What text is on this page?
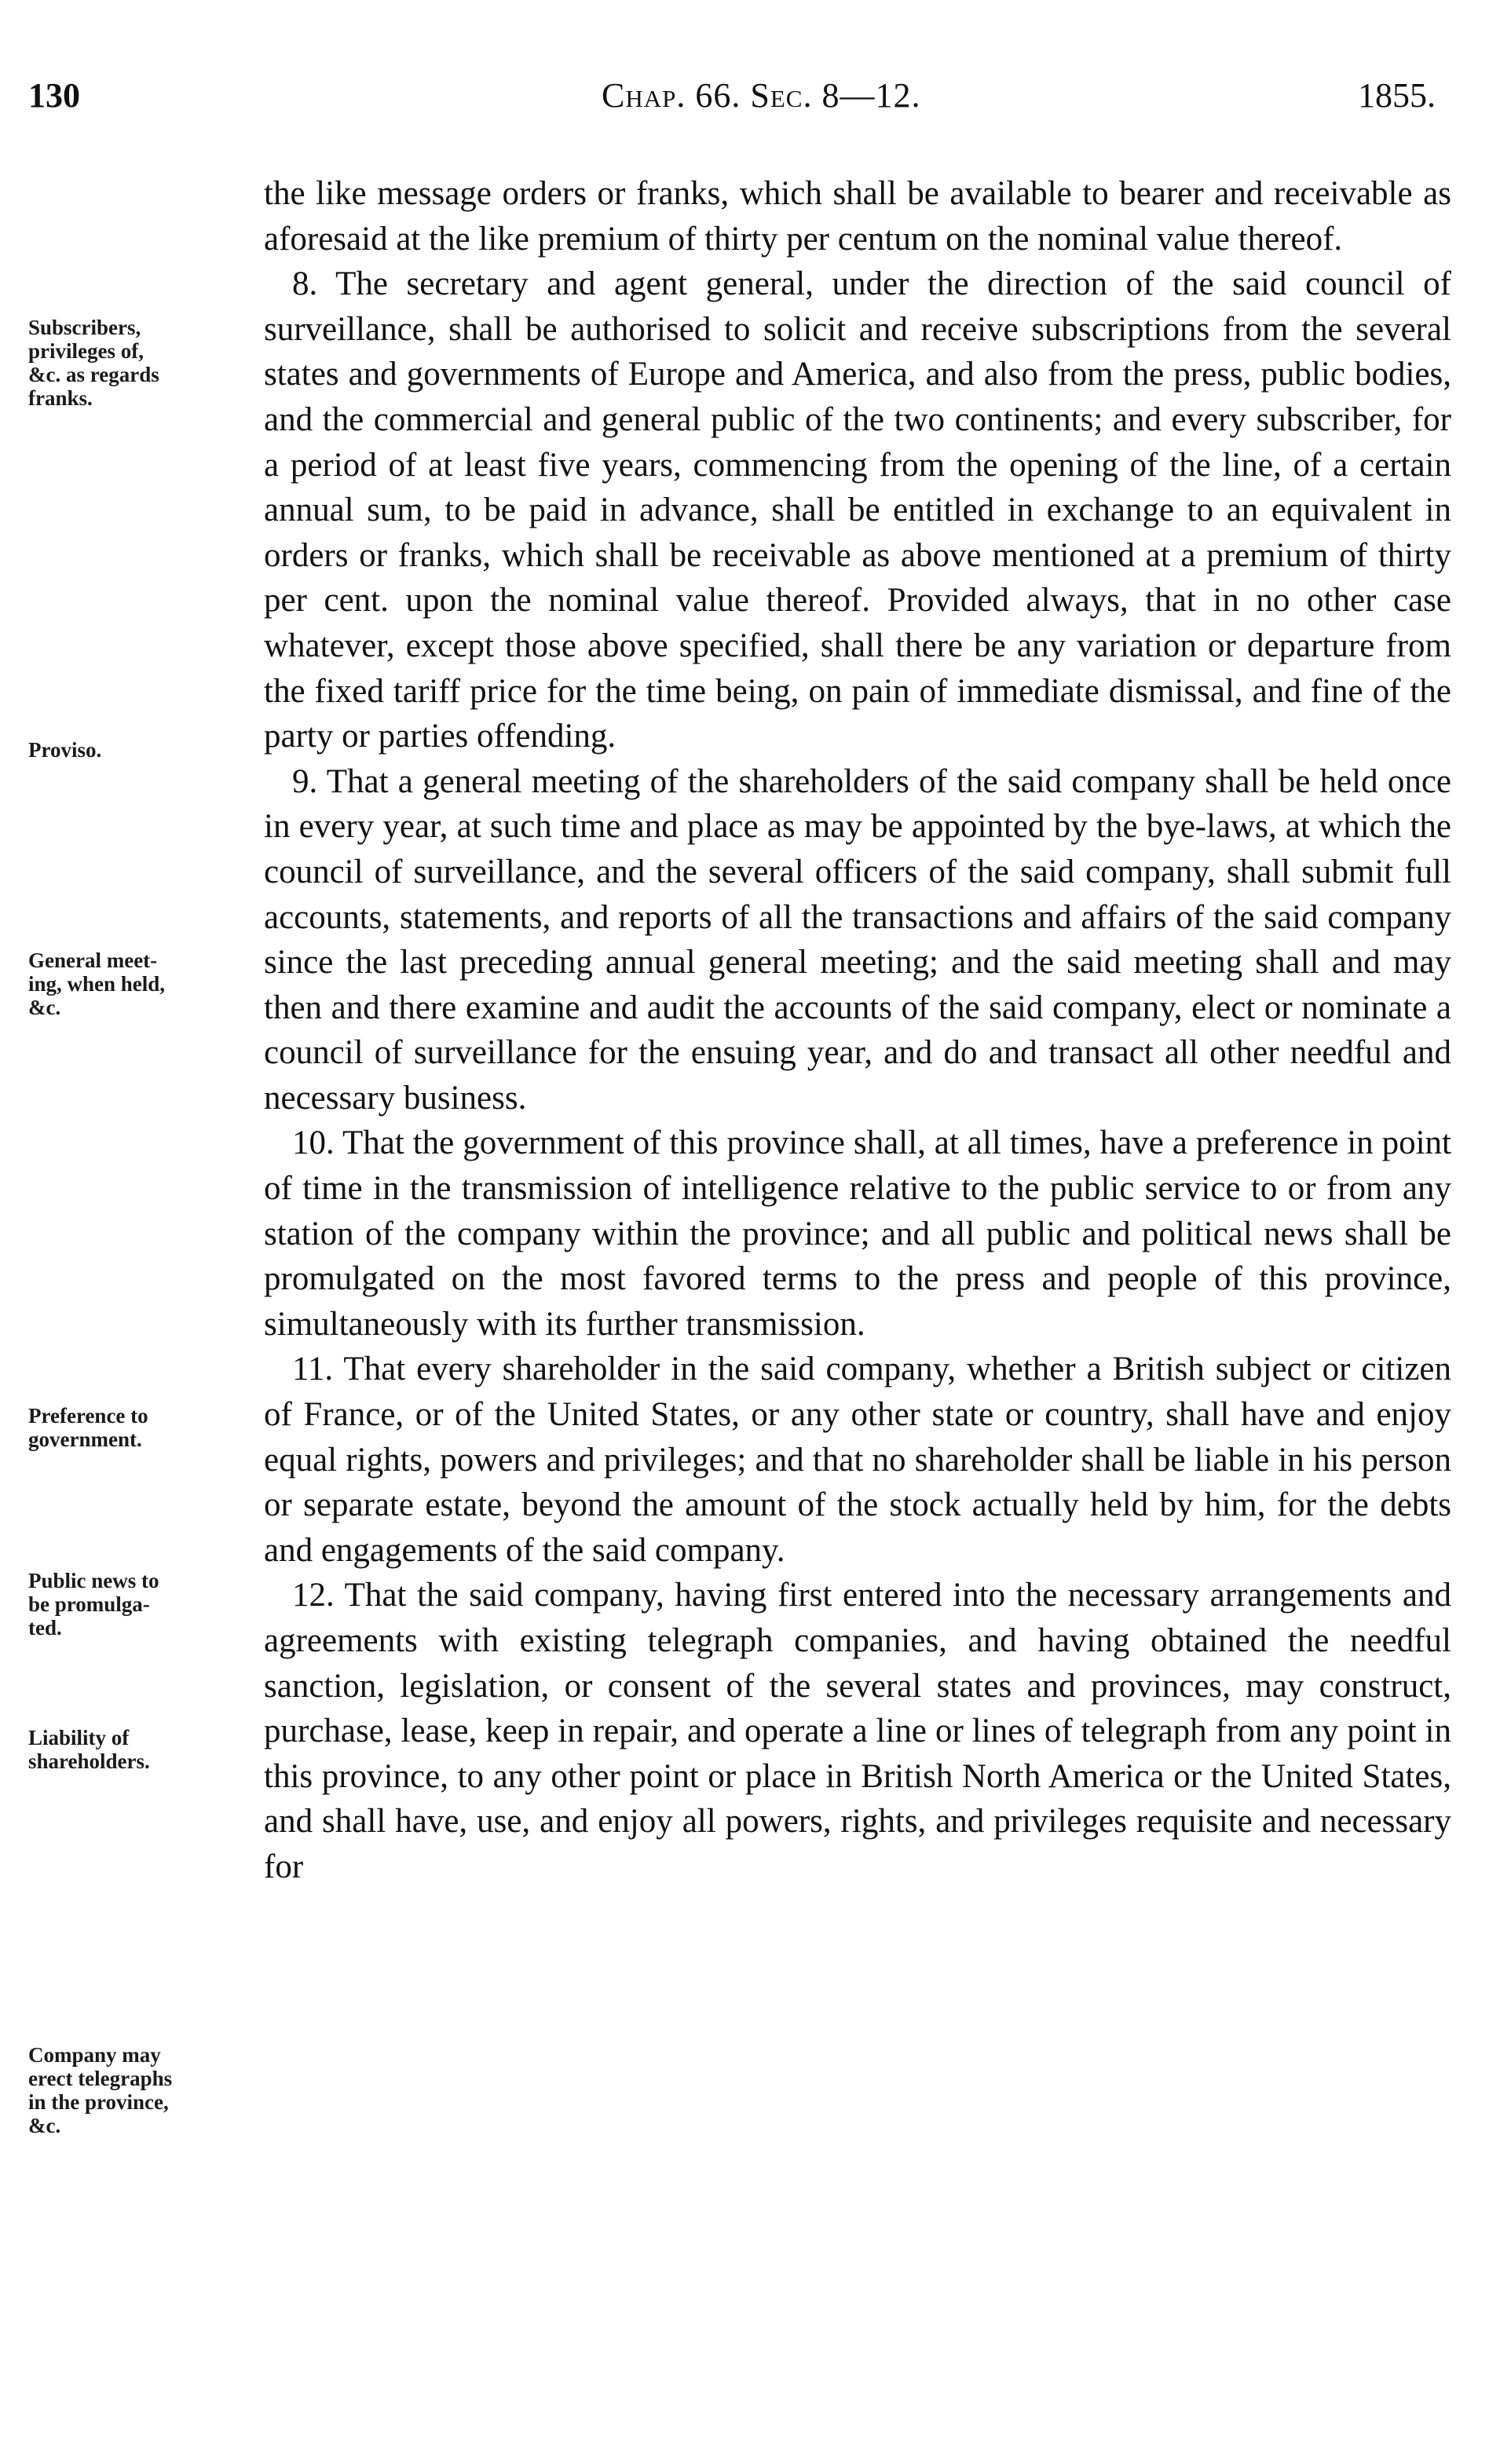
130	Chap. 66. Sec. 8—12.	1855.

the like message orders or franks, which shall be available to bearer and receivable as aforesaid at the like premium of thirty per centum on the nominal value thereof.

8. The secretary and agent general, under the direction of the said council of surveillance, shall be authorised to solicit and receive subscriptions from the several states and governments of Europe and America, and also from the press, public bodies, and the commercial and general public of the two continents; and every subscriber, for a period of at least five years, commencing from the opening of the line, of a certain annual sum, to be paid in advance, shall be entitled in exchange to an equivalent in orders or franks, which shall be receivable as above mentioned at a premium of thirty per cent. upon the nominal value thereof. Provided always, that in no other case whatever, except those above specified, shall there be any variation or departure from the fixed tariff price for the time being, on pain of immediate dismissal, and fine of the party or parties offending.

9. That a general meeting of the shareholders of the said company shall be held once in every year, at such time and place as may be appointed by the bye-laws, at which the council of surveillance, and the several officers of the said company, shall submit full accounts, statements, and reports of all the transactions and affairs of the said company since the last preceding annual general meeting; and the said meeting shall and may then and there examine and audit the accounts of the said company, elect or nominate a council of surveillance for the ensuing year, and do and transact all other needful and necessary business.

10. That the government of this province shall, at all times, have a preference in point of time in the transmission of intelligence relative to the public service to or from any station of the company within the province; and all public and political news shall be promulgated on the most favored terms to the press and people of this province, simultaneously with its further transmission.

11. That every shareholder in the said company, whether a British subject or citizen of France, or of the United States, or any other state or country, shall have and enjoy equal rights, powers and privileges; and that no shareholder shall be liable in his person or separate estate, beyond the amount of the stock actually held by him, for the debts and engagements of the said company.

12. That the said company, having first entered into the necessary arrangements and agreements with existing telegraph companies, and having obtained the needful sanction, legislation, or consent of the several states and provinces, may construct, purchase, lease, keep in repair, and operate a line or lines of telegraph from any point in this province, to any other point or place in British North America or the United States, and shall have, use, and enjoy all powers, rights, and privileges requisite and necessary for

Subscribers,
privileges of,
&c. as regards
franks.
Proviso.
General meet-
ing, when held,
&c.
Preference to
government.
Public news to
be promulga-
ted.
Liability of
shareholders.
Company may
erect telegraphs
in the province,
&c.
